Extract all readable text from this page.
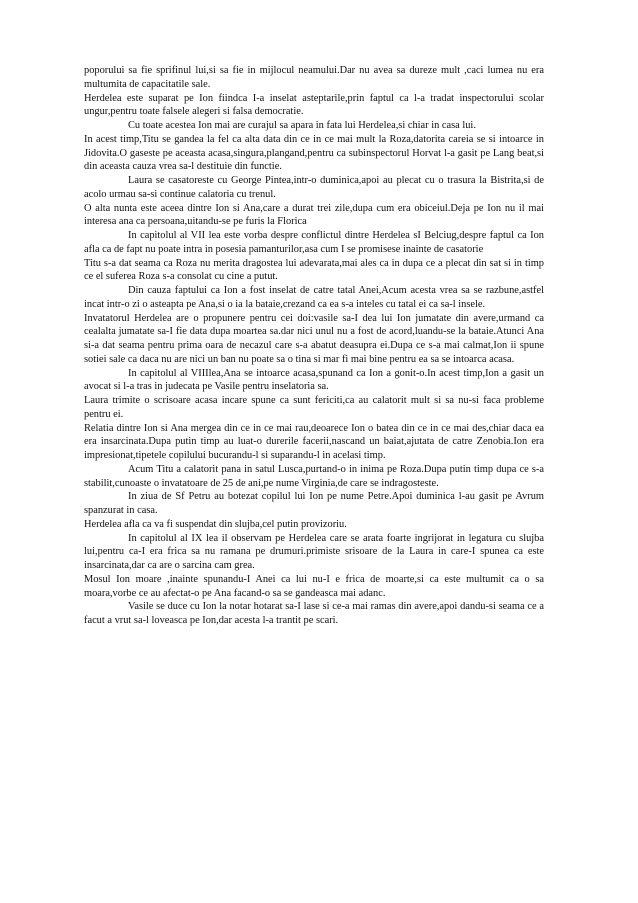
poporului sa fie sprifinul lui,si sa fie in mijlocul neamului.Dar nu avea sa dureze mult ,caci lumea nu era multumita de capacitatile sale.

Herdelea este suparat pe Ion fiindca I-a inselat asteptarile,prin faptul ca l-a tradat inspectorului scolar ungur,pentru toate falsele alegeri si falsa democratie.

Cu toate acestea Ion mai are curajul sa apara in fata lui Herdelea,si chiar in casa lui.

In acest timp,Titu se gandea la fel ca alta data din ce in ce mai mult la Roza,datorita careia se si intoarce in Jidovita.O gaseste pe aceasta acasa,singura,plangand,pentru ca subinspectorul Horvat l-a gasit pe Lang beat,si din aceasta cauza vrea sa-l destituie din functie.

Laura se casatoreste cu George Pintea,intr-o duminica,apoi au plecat cu o trasura la Bistrita,si de acolo urmau sa-si continue calatoria cu trenul.

O alta nunta este aceea dintre Ion si Ana,care a durat trei zile,dupa cum era obiceiul.Deja pe Ion nu il mai interesa ana ca persoana,uitandu-se pe furis la Florica

In capitolul al VII lea este vorba despre conflictul dintre Herdelea sI Belciug,despre faptul ca Ion afla ca de fapt nu poate intra in posesia pamanturilor,asa cum I se promisese inainte de casatorie

Titu s-a dat seama ca Roza nu merita dragostea lui adevarata,mai ales ca in dupa ce a plecat din sat si in timp ce el suferea Roza s-a consolat cu cine a putut.

Din cauza faptului ca Ion a fost inselat de catre tatal Anei,Acum acesta vrea sa se razbune,astfel incat intr-o zi o asteapta pe Ana,si o ia la bataie,crezand ca ea s-a inteles cu tatal ei ca sa-l insele.

Invatatorul Herdelea are o propunere pentru cei doi:vasile sa-I dea lui Ion jumatate din avere,urmand ca cealalta jumatate sa-I fie data dupa moartea sa.dar nici unul nu a fost de acord,luandu-se la bataie.Atunci Ana si-a dat seama pentru prima oara de necazul care s-a abatut deasupra ei.Dupa ce s-a mai calmat,Ion ii spune sotiei sale ca daca nu are nici un ban nu poate sa o tina si mar fi mai bine pentru ea sa se intoarca acasa.

In capitolul al VIIIlea,Ana se intoarce acasa,spunand ca Ion a gonit-o.In acest timp,Ion a gasit un avocat si l-a tras in judecata pe Vasile pentru inselatoria sa.

Laura trimite o scrisoare acasa incare spune ca sunt fericiti,ca au calatorit mult si sa nu-si faca probleme pentru ei.

Relatia dintre Ion si Ana mergea din ce in ce mai rau,deoarece Ion o batea din ce in ce mai des,chiar daca ea era insarcinata.Dupa putin timp au luat-o durerile facerii,nascand un baiat,ajutata de catre Zenobia.Ion era impresionat,tipetele copilului bucurandu-l si suparandu-l in acelasi timp.

Acum Titu a calatorit pana in satul Lusca,purtand-o in inima pe Roza.Dupa putin timp dupa ce s-a stabilit,cunoaste o invatatoare de 25 de ani,pe nume Virginia,de care se indragosteste.

In ziua de Sf Petru au botezat copilul lui Ion pe nume Petre.Apoi duminica l-au gasit pe Avrum spanzurat in casa.

Herdelea afla ca va fi suspendat din slujba,cel putin provizoriu.

In capitolul al IX lea il observam pe Herdelea care se arata foarte ingrijorat in legatura cu slujba lui,pentru ca-I era frica sa nu ramana pe drumuri.primiste srisoare de la Laura in care-I spunea ca este insarcinata,dar ca are o sarcina cam grea.

Mosul Ion moare ,inainte spunandu-I Anei ca lui nu-I e frica de moarte,si ca este multumit ca o sa moara,vorbe ce au afectat-o pe Ana facand-o sa se gandeasca mai adanc.

Vasile se duce cu Ion la notar hotarat sa-I lase si ce-a mai ramas din avere,apoi dandu-si seama ce a facut a vrut sa-l loveasca pe Ion,dar acesta l-a trantit pe scari.
